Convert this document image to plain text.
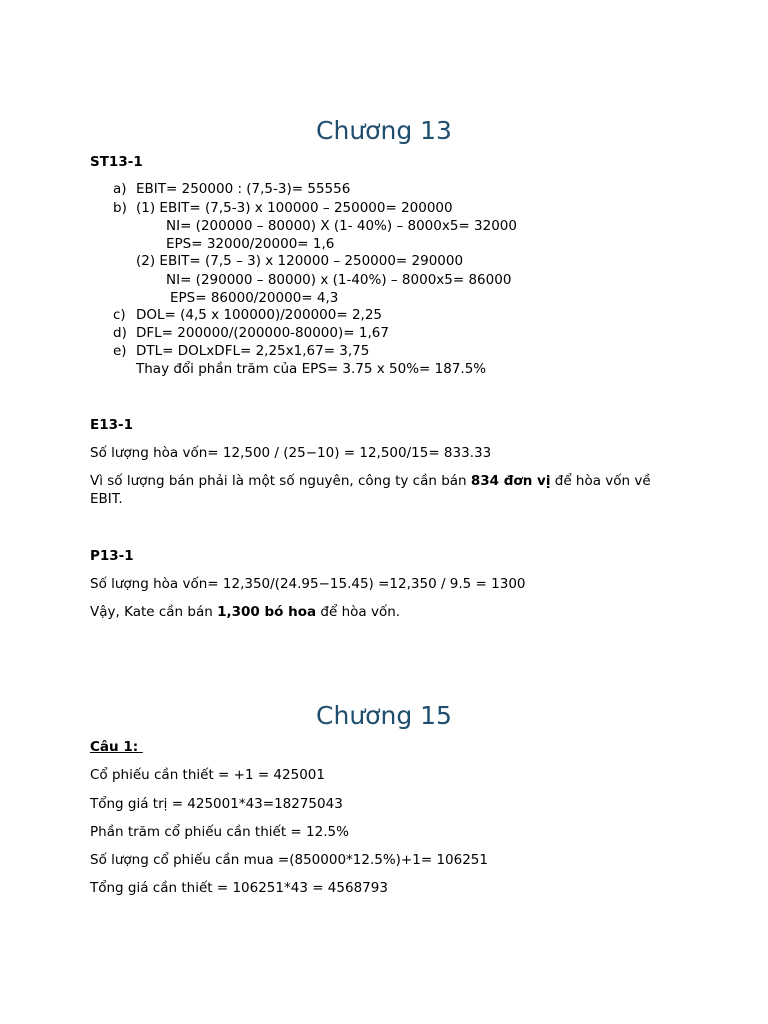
Chương 13

ST13-1

a) EBIT= 250000 : (7,5-3)= 55556
b) (1) EBIT= (7,5-3) x 100000 – 250000= 200000
NI= (200000 – 80000) X (1- 40%) – 8000x5= 32000
EPS= 32000/20000= 1,6
(2) EBIT= (7,5 – 3) x 120000 – 250000= 290000
NI= (290000 – 80000) x (1-40%) – 8000x5= 86000
EPS= 86000/20000= 4,3
c) DOL= (4,5 x 100000)/200000= 2,25
d) DFL= 200000/(200000-80000)= 1,67
e) DTL= DOLxDFL= 2,25x1,67= 3,75
Thay đổi phần trăm của EPS= 3.75 x 50%= 187.5%

E13-1

Số lượng hòa vốn= 12,500 / (25−10) = 12,500/15= 833.33

Vì số lượng bán phải là một số nguyên, công ty cần bán 834 đơn vị để hòa vốn về

EBIT.

P13-1

Số lượng hòa vốn= 12,350/(24.95−15.45) =12,350 / 9.5 = 1300

Vậy, Kate cần bán 1,300 bó hoa để hòa vốn.

Chương 15

Câu 1:

Cổ phiếu cần thiết = +1 = 425001

Tổng giá trị = 425001*43=18275043

Phần trăm cổ phiếu cần thiết = 12.5%

Số lượng cổ phiếu cần mua =(850000*12.5%)+1= 106251

Tổng giá cần thiết = 106251*43 = 4568793
